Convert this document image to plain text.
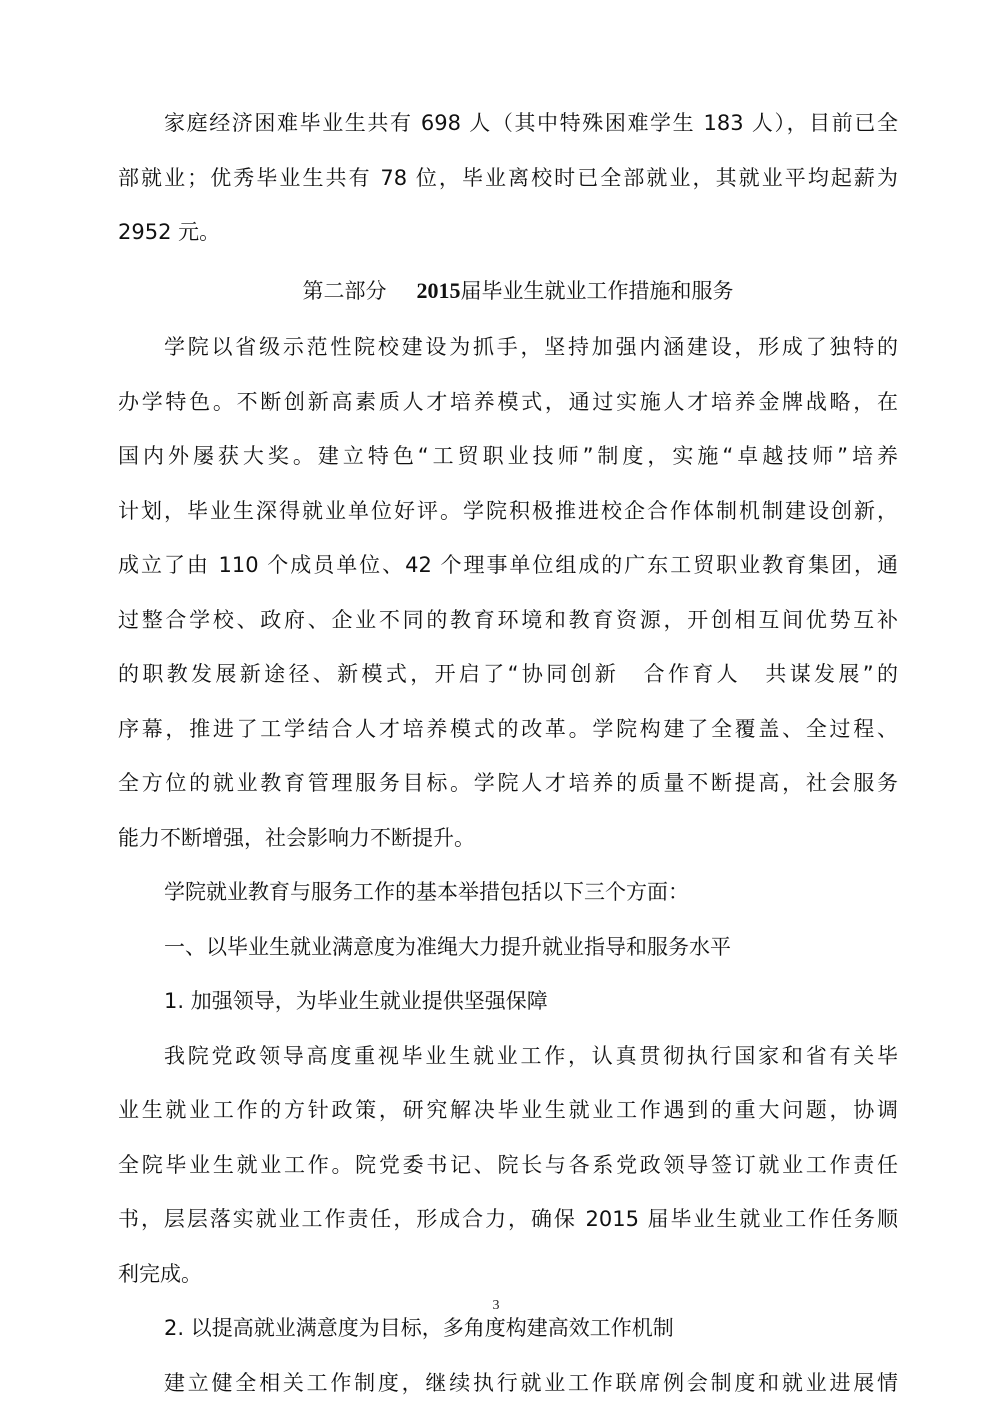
家庭经济困难毕业生共有 698 人（其中特殊困难学生 183 人），目前已全
部就业；优秀毕业生共有 78 位，毕业离校时已全部就业，其就业平均起薪为
2952 元。
第二部分 2015届毕业生就业工作措施和服务
学院以省级示范性院校建设为抓手，坚持加强内涵建设，形成了独特的
办学特色。不断创新高素质人才培养模式，通过实施人才培养金牌战略，在
国内外屡获大奖。建立特色“工贸职业技师”制度，实施“卓越技师”培养
计划，毕业生深得就业单位好评。学院积极推进校企合作体制机制建设创新，
成立了由 110 个成员单位、42 个理事单位组成的广东工贸职业教育集团，通
过整合学校、政府、企业不同的教育环境和教育资源，开创相互间优势互补
的职教发展新途径、新模式，开启了“协同创新　合作育人　共谋发展”的
序幕，推进了工学结合人才培养模式的改革。学院构建了全覆盖、全过程、
全方位的就业教育管理服务目标。学院人才培养的质量不断提高，社会服务
能力不断增强，社会影响力不断提升。
学院就业教育与服务工作的基本举措包括以下三个方面：
一、以毕业生就业满意度为准绳大力提升就业指导和服务水平
1. 加强领导，为毕业生就业提供坚强保障
我院党政领导高度重视毕业生就业工作，认真贯彻执行国家和省有关毕
业生就业工作的方针政策，研究解决毕业生就业工作遇到的重大问题，协调
全院毕业生就业工作。院党委书记、院长与各系党政领导签订就业工作责任
书，层层落实就业工作责任，形成合力，确保 2015 届毕业生就业工作任务顺
利完成。
2. 以提高就业满意度为目标，多角度构建高效工作机制
建立健全相关工作制度，继续执行就业工作联席例会制度和就业进展情
3
